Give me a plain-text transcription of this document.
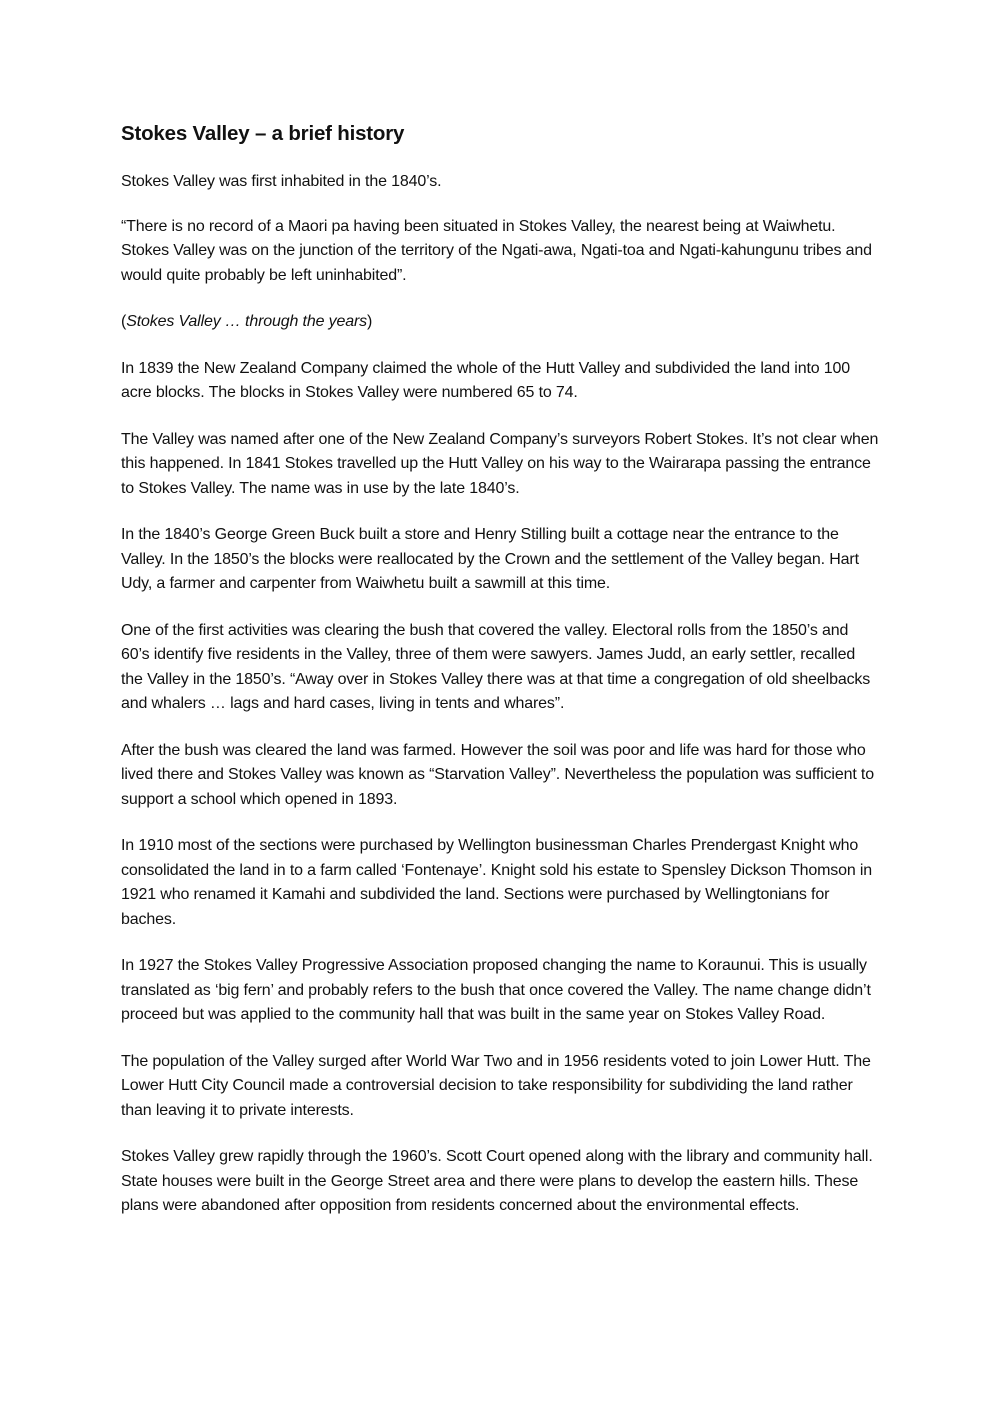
Stokes Valley – a brief history

Stokes Valley was first inhabited in the 1840’s.

“There is no record of a Maori pa having been situated in Stokes Valley, the nearest being at Waiwhetu. Stokes Valley was on the junction of the territory of the Ngati-awa, Ngati-toa and Ngati-kahungunu tribes and would quite probably be left uninhabited”.

(Stokes Valley … through the years)

In 1839 the New Zealand Company claimed the whole of the Hutt Valley and subdivided the land into 100 acre blocks. The blocks in Stokes Valley were numbered 65 to 74.

The Valley was named after one of the New Zealand Company’s surveyors Robert Stokes. It’s not clear when this happened. In 1841 Stokes travelled up the Hutt Valley on his way to the Wairarapa passing the entrance to Stokes Valley. The name was in use by the late 1840’s.

In the 1840’s George Green Buck built a store and Henry Stilling built a cottage near the entrance to the Valley. In the 1850’s the blocks were reallocated by the Crown and the settlement of the Valley began. Hart Udy, a farmer and carpenter from Waiwhetu built a sawmill at this time.

One of the first activities was clearing the bush that covered the valley. Electoral rolls from the 1850’s and 60’s identify five residents in the Valley, three of them were sawyers. James Judd, an early settler, recalled the Valley in the 1850’s. “Away over in Stokes Valley there was at that time a congregation of old sheelbacks and whalers … lags and hard cases, living in tents and whares”.

After the bush was cleared the land was farmed. However the soil was poor and life was hard for those who lived there and Stokes Valley was known as “Starvation Valley”. Nevertheless the population was sufficient to support a school which opened in 1893.

In 1910 most of the sections were purchased by Wellington businessman Charles Prendergast Knight who consolidated the land in to a farm called ‘Fontenaye’. Knight sold his estate to Spensley Dickson Thomson in 1921 who renamed it Kamahi and subdivided the land. Sections were purchased by Wellingtonians for baches.

In 1927 the Stokes Valley Progressive Association proposed changing the name to Koraunui. This is usually translated as ‘big fern’ and probably refers to the bush that once covered the Valley. The name change didn’t proceed but was applied to the community hall that was built in the same year on Stokes Valley Road.

The population of the Valley surged after World War Two and in 1956 residents voted to join Lower Hutt. The Lower Hutt City Council made a controversial decision to take responsibility for subdividing the land rather than leaving it to private interests.

Stokes Valley grew rapidly through the 1960’s. Scott Court opened along with the library and community hall. State houses were built in the George Street area and there were plans to develop the eastern hills. These plans were abandoned after opposition from residents concerned about the environmental effects.
